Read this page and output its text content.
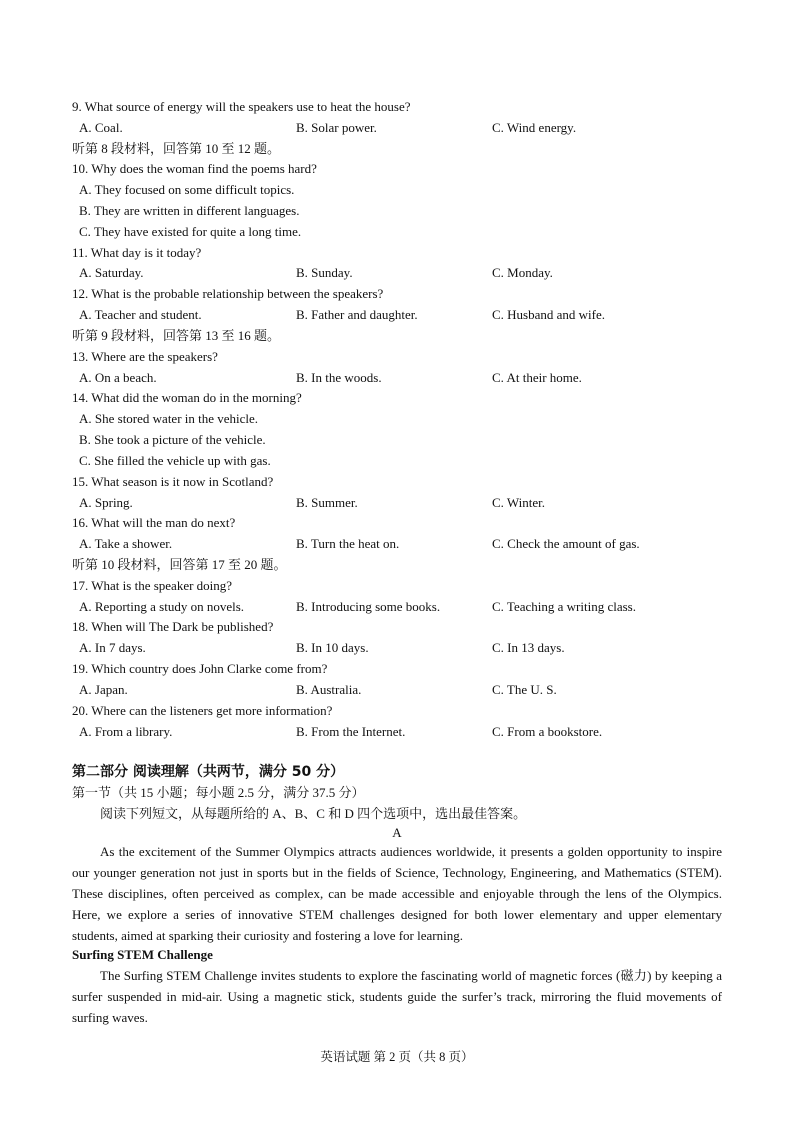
9. What source of energy will the speakers use to heat the house?
A. Coal.	B. Solar power.	C. Wind energy.
听第 8 段材料，回答第 10 至 12 题。
10. Why does the woman find the poems hard?
A. They focused on some difficult topics.
B. They are written in different languages.
C. They have existed for quite a long time.
11. What day is it today?
A. Saturday.	B. Sunday.	C. Monday.
12. What is the probable relationship between the speakers?
A. Teacher and student.	B. Father and daughter.	C. Husband and wife.
听第 9 段材料，回答第 13 至 16 题。
13. Where are the speakers?
A. On a beach.	B. In the woods.	C. At their home.
14. What did the woman do in the morning?
A. She stored water in the vehicle.
B. She took a picture of the vehicle.
C. She filled the vehicle up with gas.
15. What season is it now in Scotland?
A. Spring.	B. Summer.	C. Winter.
16. What will the man do next?
A. Take a shower.	B. Turn the heat on.	C. Check the amount of gas.
听第 10 段材料，回答第 17 至 20 题。
17. What is the speaker doing?
A. Reporting a study on novels.	B. Introducing some books.	C. Teaching a writing class.
18. When will The Dark be published?
A. In 7 days.	B. In 10 days.	C. In 13 days.
19. Which country does John Clarke come from?
A. Japan.	B. Australia.	C. The U. S.
20. Where can the listeners get more information?
A. From a library.	B. From the Internet.	C. From a bookstore.
第二部分 阅读理解（共两节，满分 50 分）
第一节（共 15 小题；每小题 2.5 分，满分 37.5 分）
阅读下列短文，从每题所给的 A、B、C 和 D 四个选项中，选出最佳答案。
A
As the excitement of the Summer Olympics attracts audiences worldwide, it presents a golden opportunity to inspire our younger generation not just in sports but in the fields of Science, Technology, Engineering, and Mathematics (STEM). These disciplines, often perceived as complex, can be made accessible and enjoyable through the lens of the Olympics. Here, we explore a series of innovative STEM challenges designed for both lower elementary and upper elementary students, aimed at sparking their curiosity and fostering a love for learning.
Surfing STEM Challenge
The Surfing STEM Challenge invites students to explore the fascinating world of magnetic forces (磁力) by keeping a surfer suspended in mid-air. Using a magnetic stick, students guide the surfer’s track, mirroring the fluid movements of surfing waves.
英语试题 第 2 页（共 8 页）
